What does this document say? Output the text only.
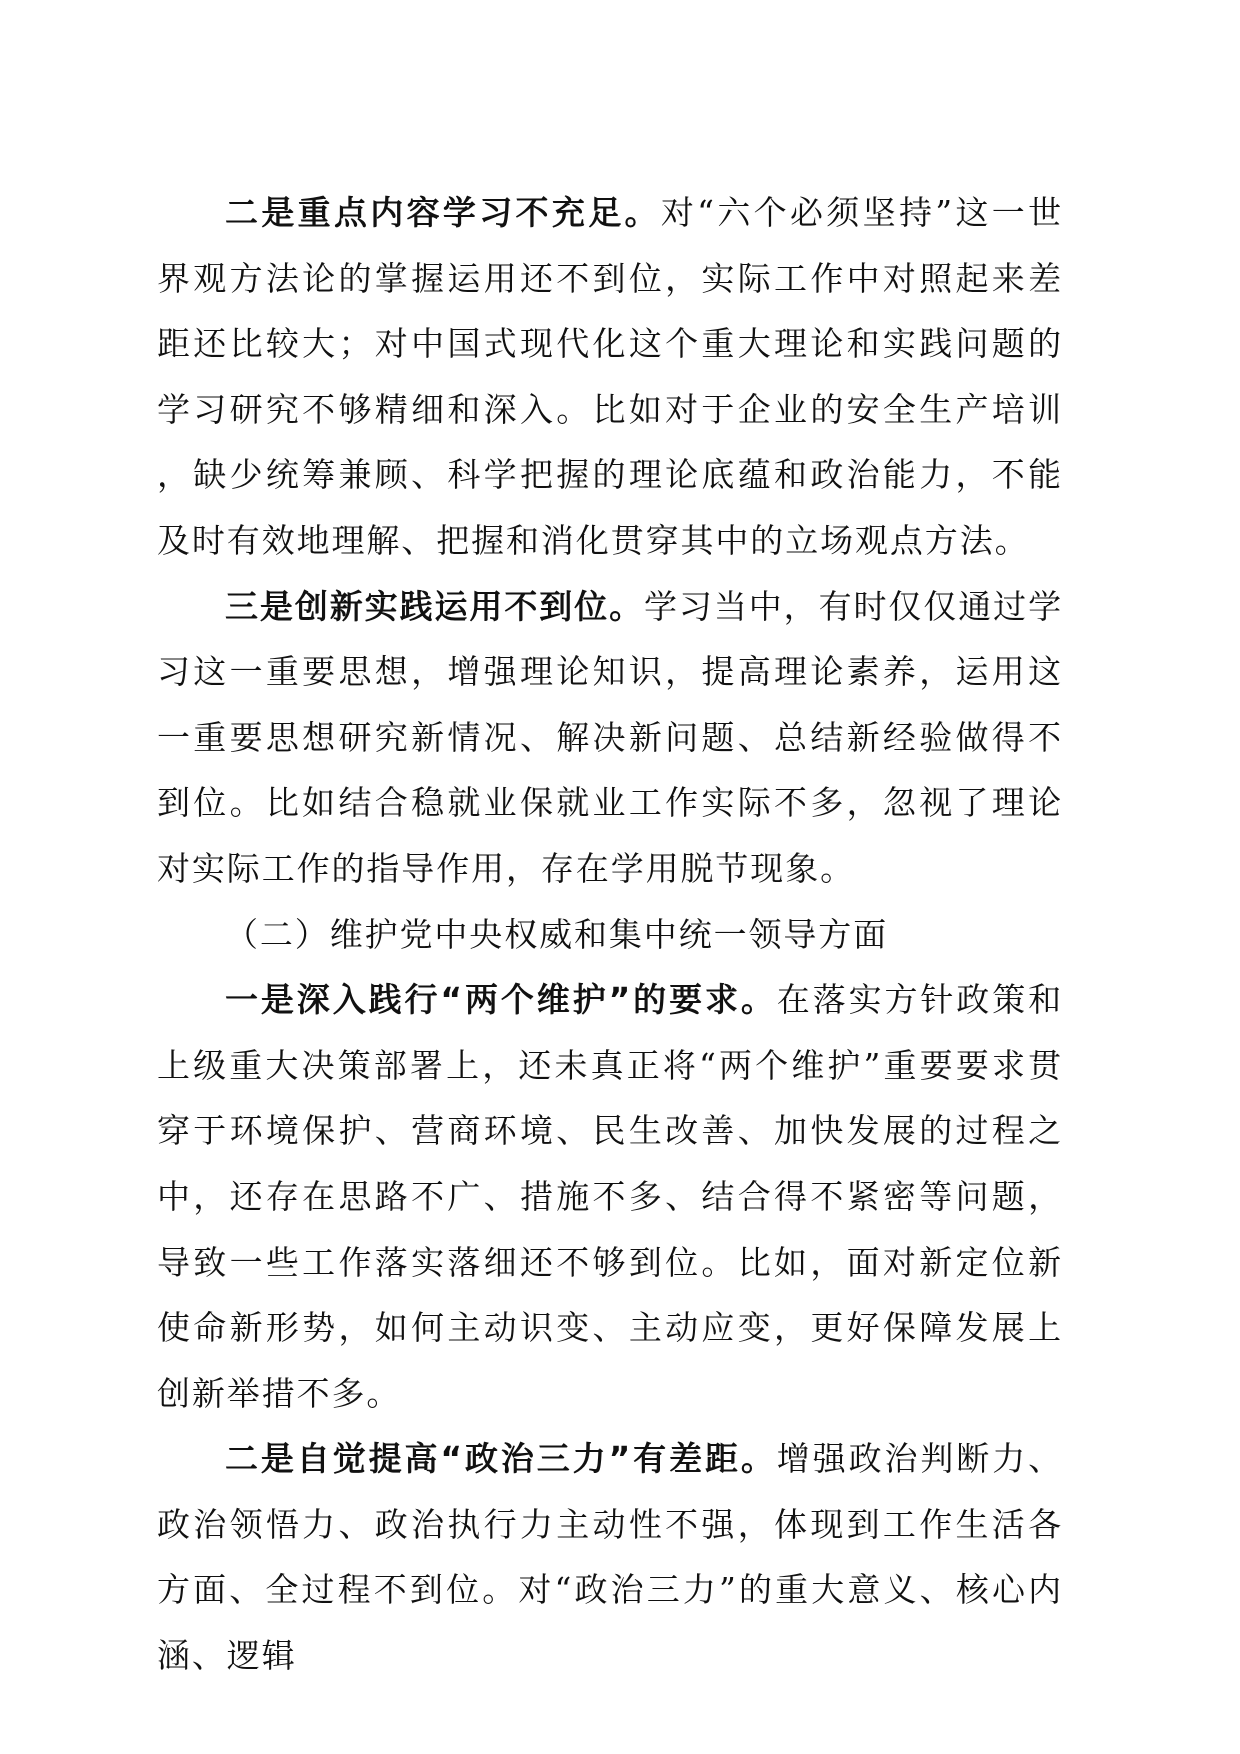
二是重点内容学习不充足。对“六个必须坚持”这一世界观方法论的掌握运用还不到位，实际工作中对照起来差距还比较大；对中国式现代化这个重大理论和实践问题的学习研究不够精细和深入。比如对于企业的安全生产培训，缺少统筹兼顾、科学把握的理论底蕴和政治能力，不能及时有效地理解、把握和消化贯穿其中的立场观点方法。

三是创新实践运用不到位。学习当中，有时仅仅通过学习这一重要思想，增强理论知识，提高理论素养，运用这一重要思想研究新情况、解决新问题、总结新经验做得不到位。比如结合稳就业保就业工作实际不多，忽视了理论对实际工作的指导作用，存在学用脱节现象。

（二）维护党中央权威和集中统一领导方面

一是深入践行“两个维护”的要求。在落实方针政策和上级重大决策部署上，还未真正将“两个维护”重要要求贯穿于环境保护、营商环境、民生改善、加快发展的过程之中，还存在思路不广、措施不多、结合得不紧密等问题，导致一些工作落实落细还不够到位。比如，面对新定位新使命新形势，如何主动识变、主动应变，更好保障发展上创新举措不多。

二是自觉提高“政治三力”有差距。增强政治判断力、政治领悟力、政治执行力主动性不强，体现到工作生活各方面、全过程不到位。对“政治三力”的重大意义、核心内涵、逻辑
